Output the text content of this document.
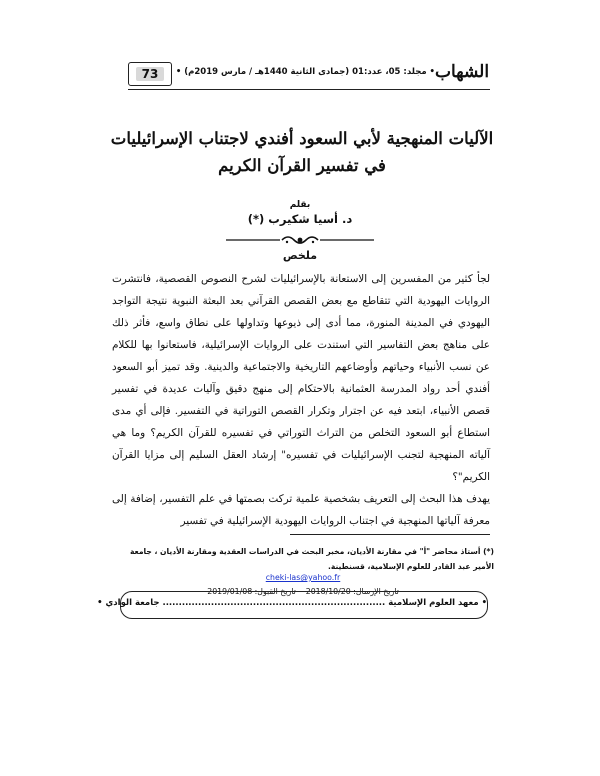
73	• مجلد: 05، عدد:01 (جمادى الثانية 1440هـ / مارس 2019م) • الشهاب
الآليات المنهجية لأبي السعود أفندي لاجتناب الإسرائيليات
في تفسير القرآن الكريم
بقلم
د. أسيا شكيرب (*)
ملخص

لجأ كثير من المفسرين إلى الاستعانة بالإسرائيليات لشرح النصوص القصصية، فانتشرت الروايات اليهودية التي تتقاطع مع بعض القصص القرآني بعد البعثة النبوية نتيجة التواجد اليهودي في المدينة المنورة، مما أدى إلى ذيوعها وتداولها على نطاق واسع، فأثر ذلك على مناهج بعض التفاسير التي استندت على الروايات الإسرائيلية، فاستعانوا بها للكلام عن نسب الأنبياء وحياتهم وأوضاعهم التاريخية والاجتماعية والدينية. وقد تميز أبو السعود أفندي أحد رواد المدرسة العثمانية بالاحتكام إلى منهج دقيق وآليات عديدة في تفسير قصص الأنبياء، ابتعد فيه عن اجترار وتكرار القصص التوراتية في التفسير. فإلى أي مدى استطاع أبو السعود التخلص من التراث التوراتي في تفسيره للقرآن الكريم؟ وما هي آلياته المنهجية لتجنب الإسرائيليات في تفسيره" إرشاد العقل السليم إلى مزايا القرآن الكريم"؟

يهدف هذا البحث إلى التعريف بشخصية علمية تركت بصمتها في علم التفسير، إضافة إلى معرفة آلياتها المنهجية في اجتناب الروايات اليهودية الإسرائيلية في تفسير

(*) أستاذ محاضر "أ" في مقارنة الأديان، مخبر البحث في الدراسات العقدية ومقارنة الأديان ، جامعة الأمير عبد القادر للعلوم الإسلامية، قسنطينة.
cheki-las@yahoo.fr
تاريخ الإرسال: 2018/10/20    تاريخ القبول: 2019/01/08
• معهد العلوم الإسلامية ..................................................................... جامعة الوادي •
